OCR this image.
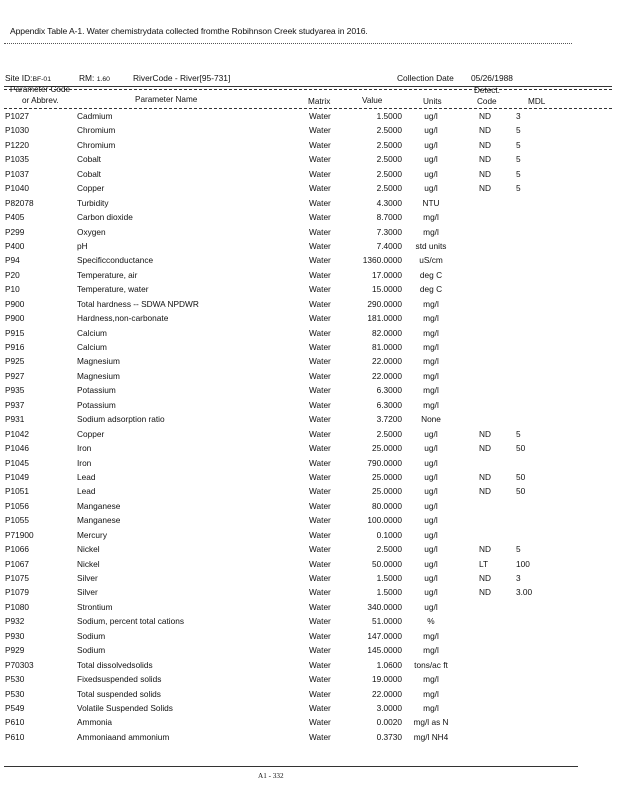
Appendix Table A-1. Water chemistrydata collected fromthe Robihnson Creek studyarea in 2016.
Site ID:BF-01	RM: 1.60	RiverCode - River[95-731]	Collection Date 05/26/1988
Parameter Code
or Abbrev.	Parameter Name	Matrix	Value	Units
Detect.
Code	MDL
P1027	Cadmium	Water	1.5000	ug/l	ND	3
P1030	Chromium	Water	2.5000	ug/l	ND	5
P1220	Chromium	Water	2.5000	ug/l	ND	5
P1035	Cobalt	Water	2.5000	ug/l	ND	5
P1037	Cobalt	Water	2.5000	ug/l	ND	5
P1040	Copper	Water	2.5000	ug/l	ND	5
P82078	Turbidity	Water	4.3000 NTU
P405	Carbon dioxide	Water	8.7000	mg/l
P299	Oxygen	Water	7.3000	mg/l
P400	pH	Water	7.4000 std units
P94	Specificconductance	Water	1360.0000 uS/cm
P20	Temperature, air	Water	17.0000 deg C
P10	Temperature, water	Water	15.0000 deg C
P900	Total hardness -- SDWA NPDWR	Water	290.0000	mg/l
P900	Hardness,non-carbonate	Water	181.0000	mg/l
P915	Calcium	Water	82.0000	mg/l
P916	Calcium	Water	81.0000	mg/l
P925	Magnesium	Water	22.0000	mg/l
P927	Magnesium	Water	22.0000	mg/l
P935	Potassium	Water	6.3000	mg/l
P937	Potassium	Water	6.3000	mg/l
P931	Sodium adsorption ratio	Water	3.7200 None
P1042	Copper	Water	2.5000	ug/l	ND	5
P1046	Iron	Water	25.0000	ug/l	ND	50
P1045	Iron	Water	790.0000	ug/l
P1049	Lead	Water	25.0000	ug/l	ND	50
P1051	Lead	Water	25.0000	ug/l	ND	50
P1056	Manganese	Water	80.0000	ug/l
P1055	Manganese	Water	100.0000	ug/l
P71900	Mercury	Water	0.1000	ug/l
P1066	Nickel	Water	2.5000	ug/l	ND	5
P1067	Nickel	Water	50.0000	ug/l	LT	100
P1075	Silver	Water	1.5000	ug/l	ND	3
P1079	Silver	Water	1.5000	ug/l	ND	3.00
P1080	Strontium	Water	340.0000	ug/l
P932	Sodium, percent total cations	Water	51.0000	%
P930	Sodium	Water	147.0000	mg/l
P929	Sodium	Water	145.0000	mg/l
P70303	Total dissolvedsolids	Water	1.0600 tons/ac ft
P530	Fixedsuspended solids	Water	19.0000	mg/l
P530	Total suspended solids	Water	22.0000	mg/l
P549	Volatile Suspended Solids	Water	3.0000	mg/l
P610	Ammonia	Water	0.0020 mg/l as N
P610	Ammoniaand ammonium	Water	0.3730 mg/l NH4
A1 - 332
